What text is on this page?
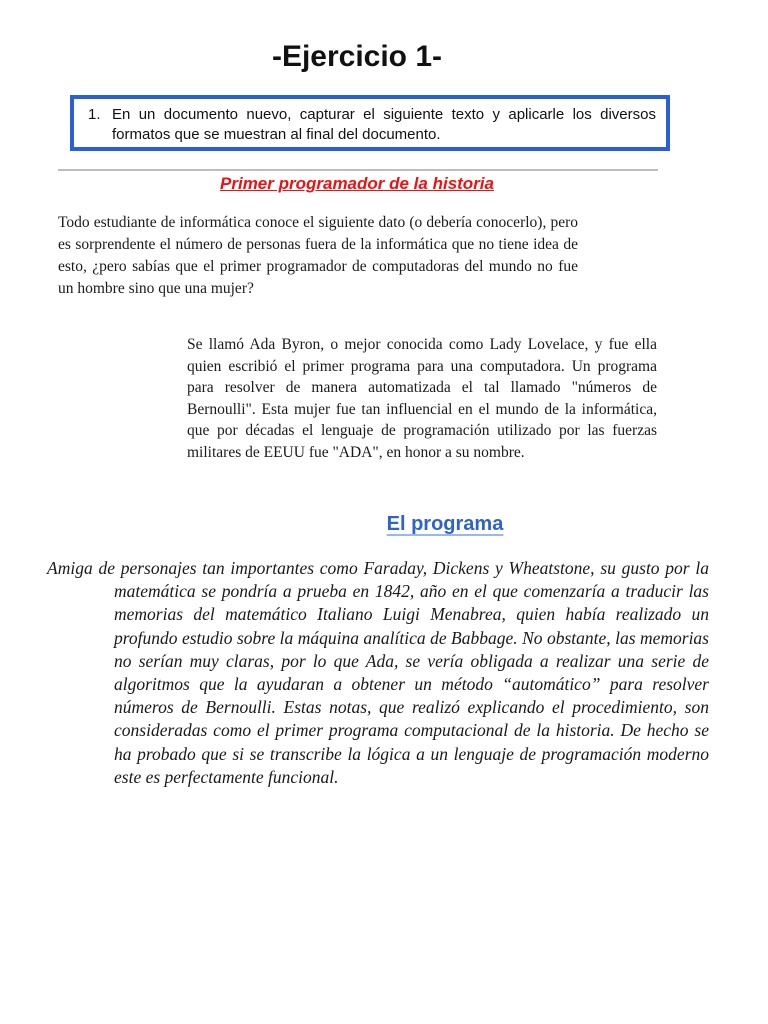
-Ejercicio 1-
1. En un documento nuevo, capturar el siguiente texto y aplicarle los diversos formatos que se muestran al final del documento.
Primer programador de la historia

Todo estudiante de informática conoce el siguiente dato (o debería conocerlo), pero es sorprendente el número de personas fuera de la informática que no tiene idea de esto, ¿pero sabías que el primer programador de computadoras del mundo no fue un hombre sino que una mujer?

Se llamó Ada Byron, o mejor conocida como Lady Lovelace, y fue ella quien escribió el primer programa para una computadora. Un programa para resolver de manera automatizada el tal llamado "números de Bernoulli". Esta mujer fue tan influencial en el mundo de la informática, que por décadas el lenguaje de programación utilizado por las fuerzas militares de EEUU fue "ADA", en honor a su nombre.

El programa

Amiga de personajes tan importantes como Faraday, Dickens y Wheatstone, su gusto por la matemática se pondría a prueba en 1842, año en el que comenzaría a traducir las memorias del matemático Italiano Luigi Menabrea, quien había realizado un profundo estudio sobre la máquina analítica de Babbage. No obstante, las memorias no serían muy claras, por lo que Ada, se vería obligada a realizar una serie de algoritmos que la ayudaran a obtener un método “automático” para resolver números de Bernoulli. Estas notas, que realizó explicando el procedimiento, son consideradas como el primer programa computacional de la historia. De hecho se ha probado que si se transcribe la lógica a un lenguaje de programación moderno este es perfectamente funcional.
